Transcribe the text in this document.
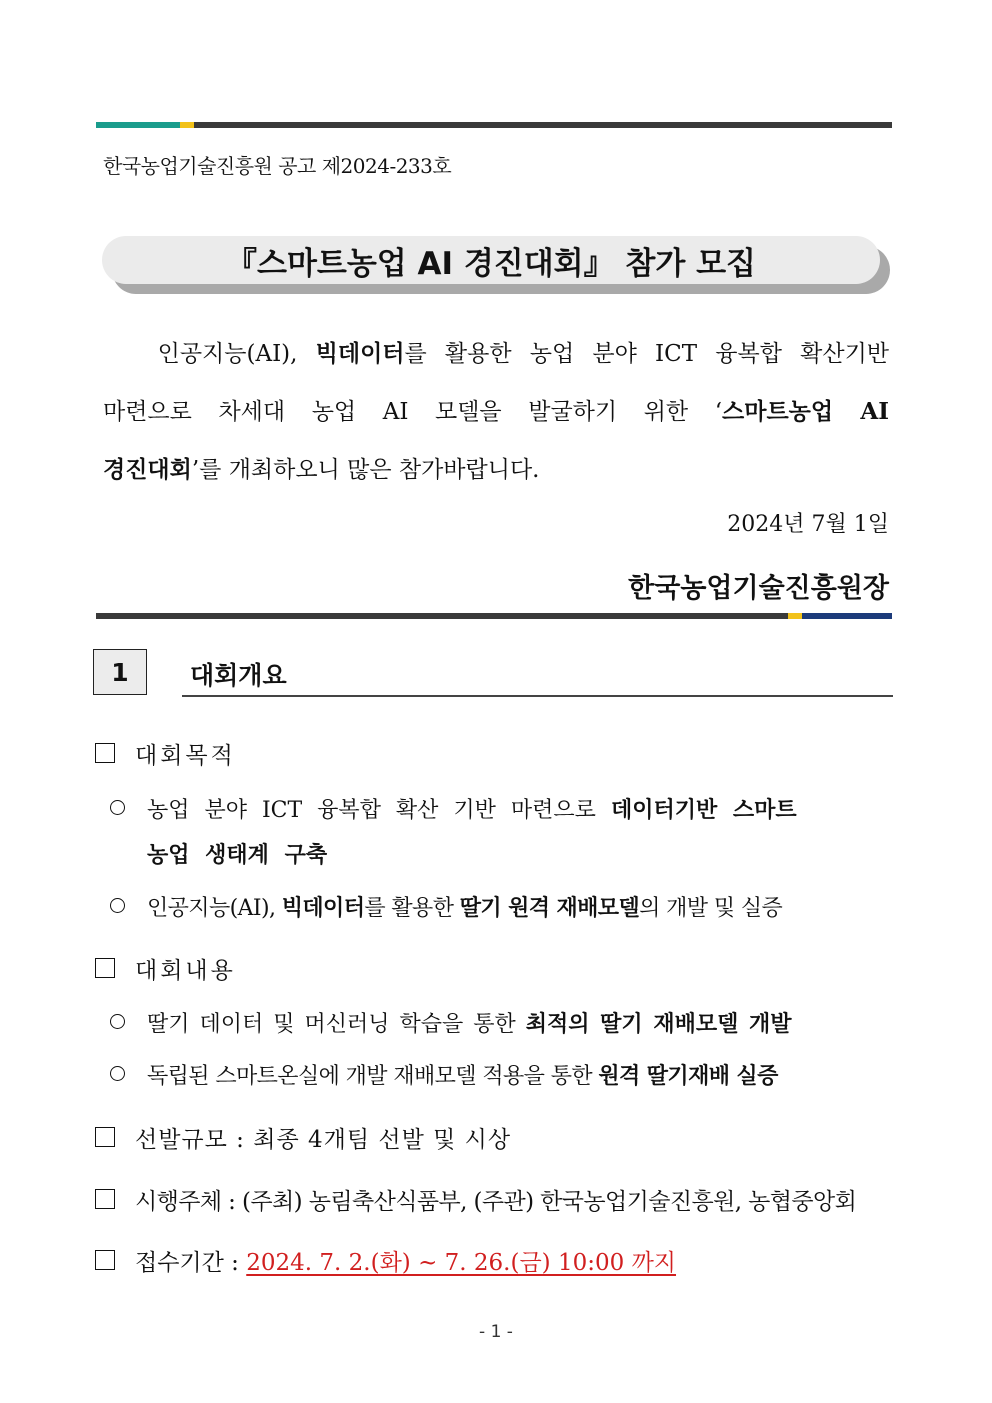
한국농업기술진흥원 공고 제2024-233호
『스마트농업 AI 경진대회』 참가 모집
인공지능(AI), 빅데이터를 활용한 농업 분야 ICT 융복합 확산기반
마련으로 차세대 농업 AI 모델을 발굴하기 위한 ‘스마트농업 AI
경진대회’를 개최하오니 많은 참가바랍니다.
2024년 7월 1일
한국농업기술진흥원장
1	대회개요
대회목적
농업 분야 ICT 융복합 확산 기반 마련으로 데이터기반 스마트
농업 생태계 구축
인공지능(AI), 빅데이터를 활용한 딸기 원격 재배모델의 개발 및 실증
대회내용
딸기 데이터 및 머신러닝 학습을 통한 최적의 딸기 재배모델 개발
독립된 스마트온실에 개발 재배모델 적용을 통한 원격 딸기재배 실증
선발규모 : 최종 4개팀 선발 및 시상
시행주체 : (주최) 농림축산식품부, (주관) 한국농업기술진흥원, 농협중앙회
접수기간 : 2024. 7. 2.(화) ~ 7. 26.(금) 10:00 까지
- 1 -
